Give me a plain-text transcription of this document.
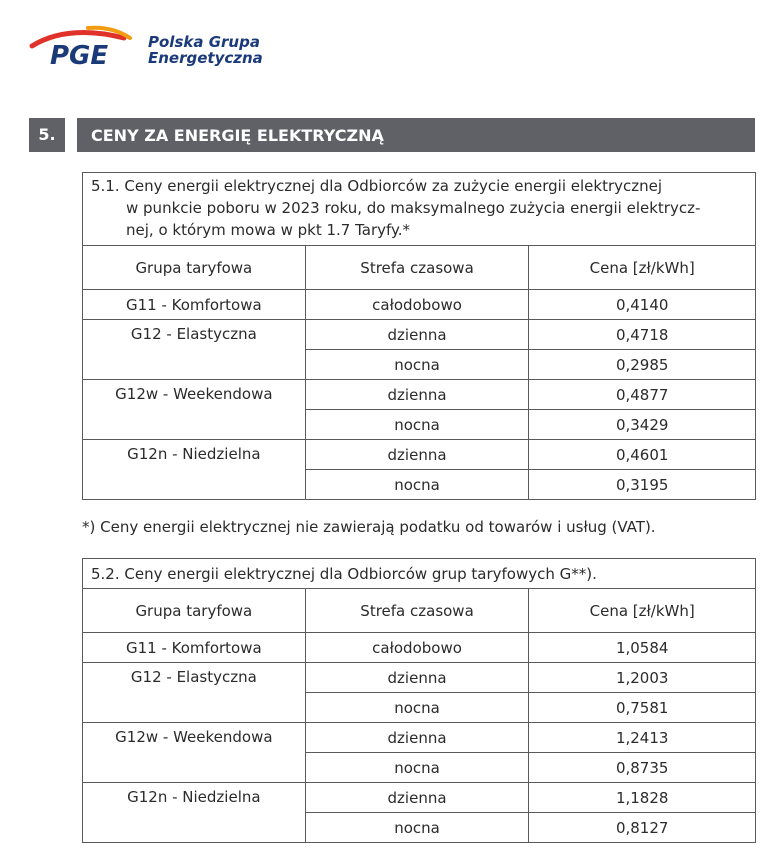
PGE	Polska Grupa
Energetyczna
5.	CENY ZA ENERGIĘ ELEKTRYCZNĄ
5.1. Ceny energii elektrycznej dla Odbiorców za zużycie energii elektrycznej
w punkcie poboru w 2023 roku, do maksymalnego zużycia energii elektrycz-
nej, o którym mowa w pkt 1.7 Taryfy.*		

Grupa taryfowa	Strefa czasowa	Cena [zł/kWh]
G11 - Komfortowa	całodobowo	0,4140
G12 - Elastyczna	dzienna	0,4718
	nocna	0,2985
G12w - Weekendowa	dzienna	0,4877
	nocna	0,3429
G12n - Niedzielna	dzienna	0,4601
	nocna	0,3195
*) Ceny energii elektrycznej nie zawierają podatku od towarów i usług (VAT).
5.2. Ceny energii elektrycznej dla Odbiorców grup taryfowych G**).		
Grupa taryfowa	Strefa czasowa	Cena [zł/kWh]
G11 - Komfortowa	całodobowo	1,0584
G12 - Elastyczna	dzienna	1,2003
	nocna	0,7581
G12w - Weekendowa	dzienna	1,2413
	nocna	0,8735
G12n - Niedzielna	dzienna	1,1828
	nocna	0,8127
